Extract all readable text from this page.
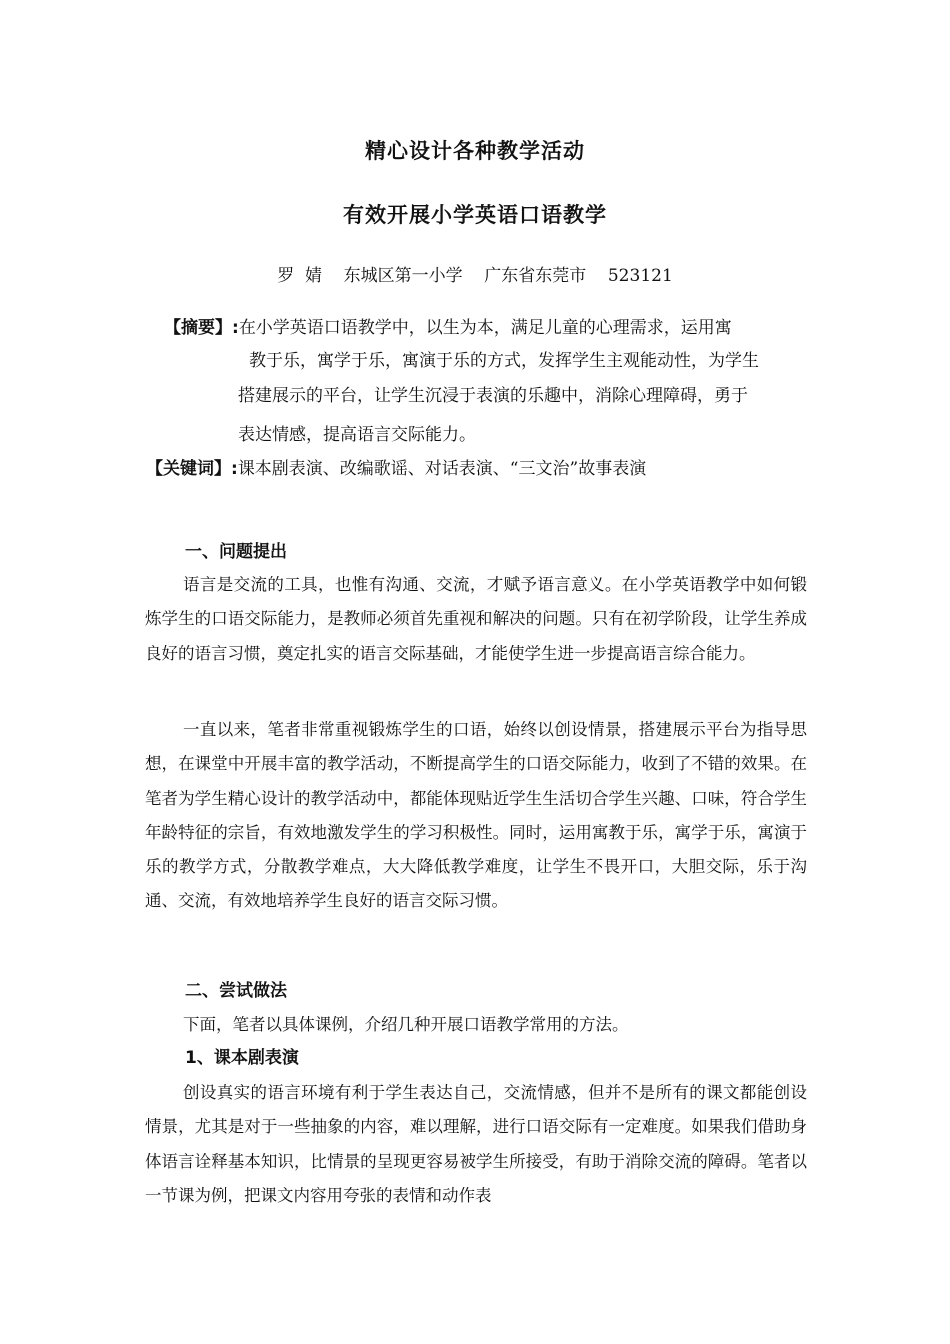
精心设计各种教学活动
有效开展小学英语口语教学
罗  婧    东城区第一小学    广东省东莞市    523121
【摘要】:在小学英语口语教学中，以生为本，满足儿童的心理需求，运用寓
教于乐，寓学于乐，寓演于乐的方式，发挥学生主观能动性，为学生
搭建展示的平台，让学生沉浸于表演的乐趣中，消除心理障碍，勇于
表达情感，提高语言交际能力。
【关键词】:课本剧表演、改编歌谣、对话表演、“三文治”故事表演
一、问题提出
语言是交流的工具，也惟有沟通、交流，才赋予语言意义。在小学英语教学中如何锻炼学生的口语交际能力，是教师必须首先重视和解决的问题。只有在初学阶段，让学生养成良好的语言习惯，奠定扎实的语言交际基础，才能使学生进一步提高语言综合能力。
一直以来，笔者非常重视锻炼学生的口语，始终以创设情景，搭建展示平台为指导思想，在课堂中开展丰富的教学活动，不断提高学生的口语交际能力，收到了不错的效果。在笔者为学生精心设计的教学活动中，都能体现贴近学生生活切合学生兴趣、口味，符合学生年龄特征的宗旨，有效地激发学生的学习积极性。同时，运用寓教于乐，寓学于乐，寓演于乐的教学方式，分散教学难点，大大降低教学难度，让学生不畏开口，大胆交际，乐于沟通、交流，有效地培养学生良好的语言交际习惯。
二、尝试做法
下面，笔者以具体课例，介绍几种开展口语教学常用的方法。
1、课本剧表演
创设真实的语言环境有利于学生表达自己，交流情感，但并不是所有的课文都能创设情景，尤其是对于一些抽象的内容，难以理解，进行口语交际有一定难度。如果我们借助身体语言诠释基本知识，比情景的呈现更容易被学生所接受，有助于消除交流的障碍。笔者以一节课为例，把课文内容用夸张的表情和动作表
